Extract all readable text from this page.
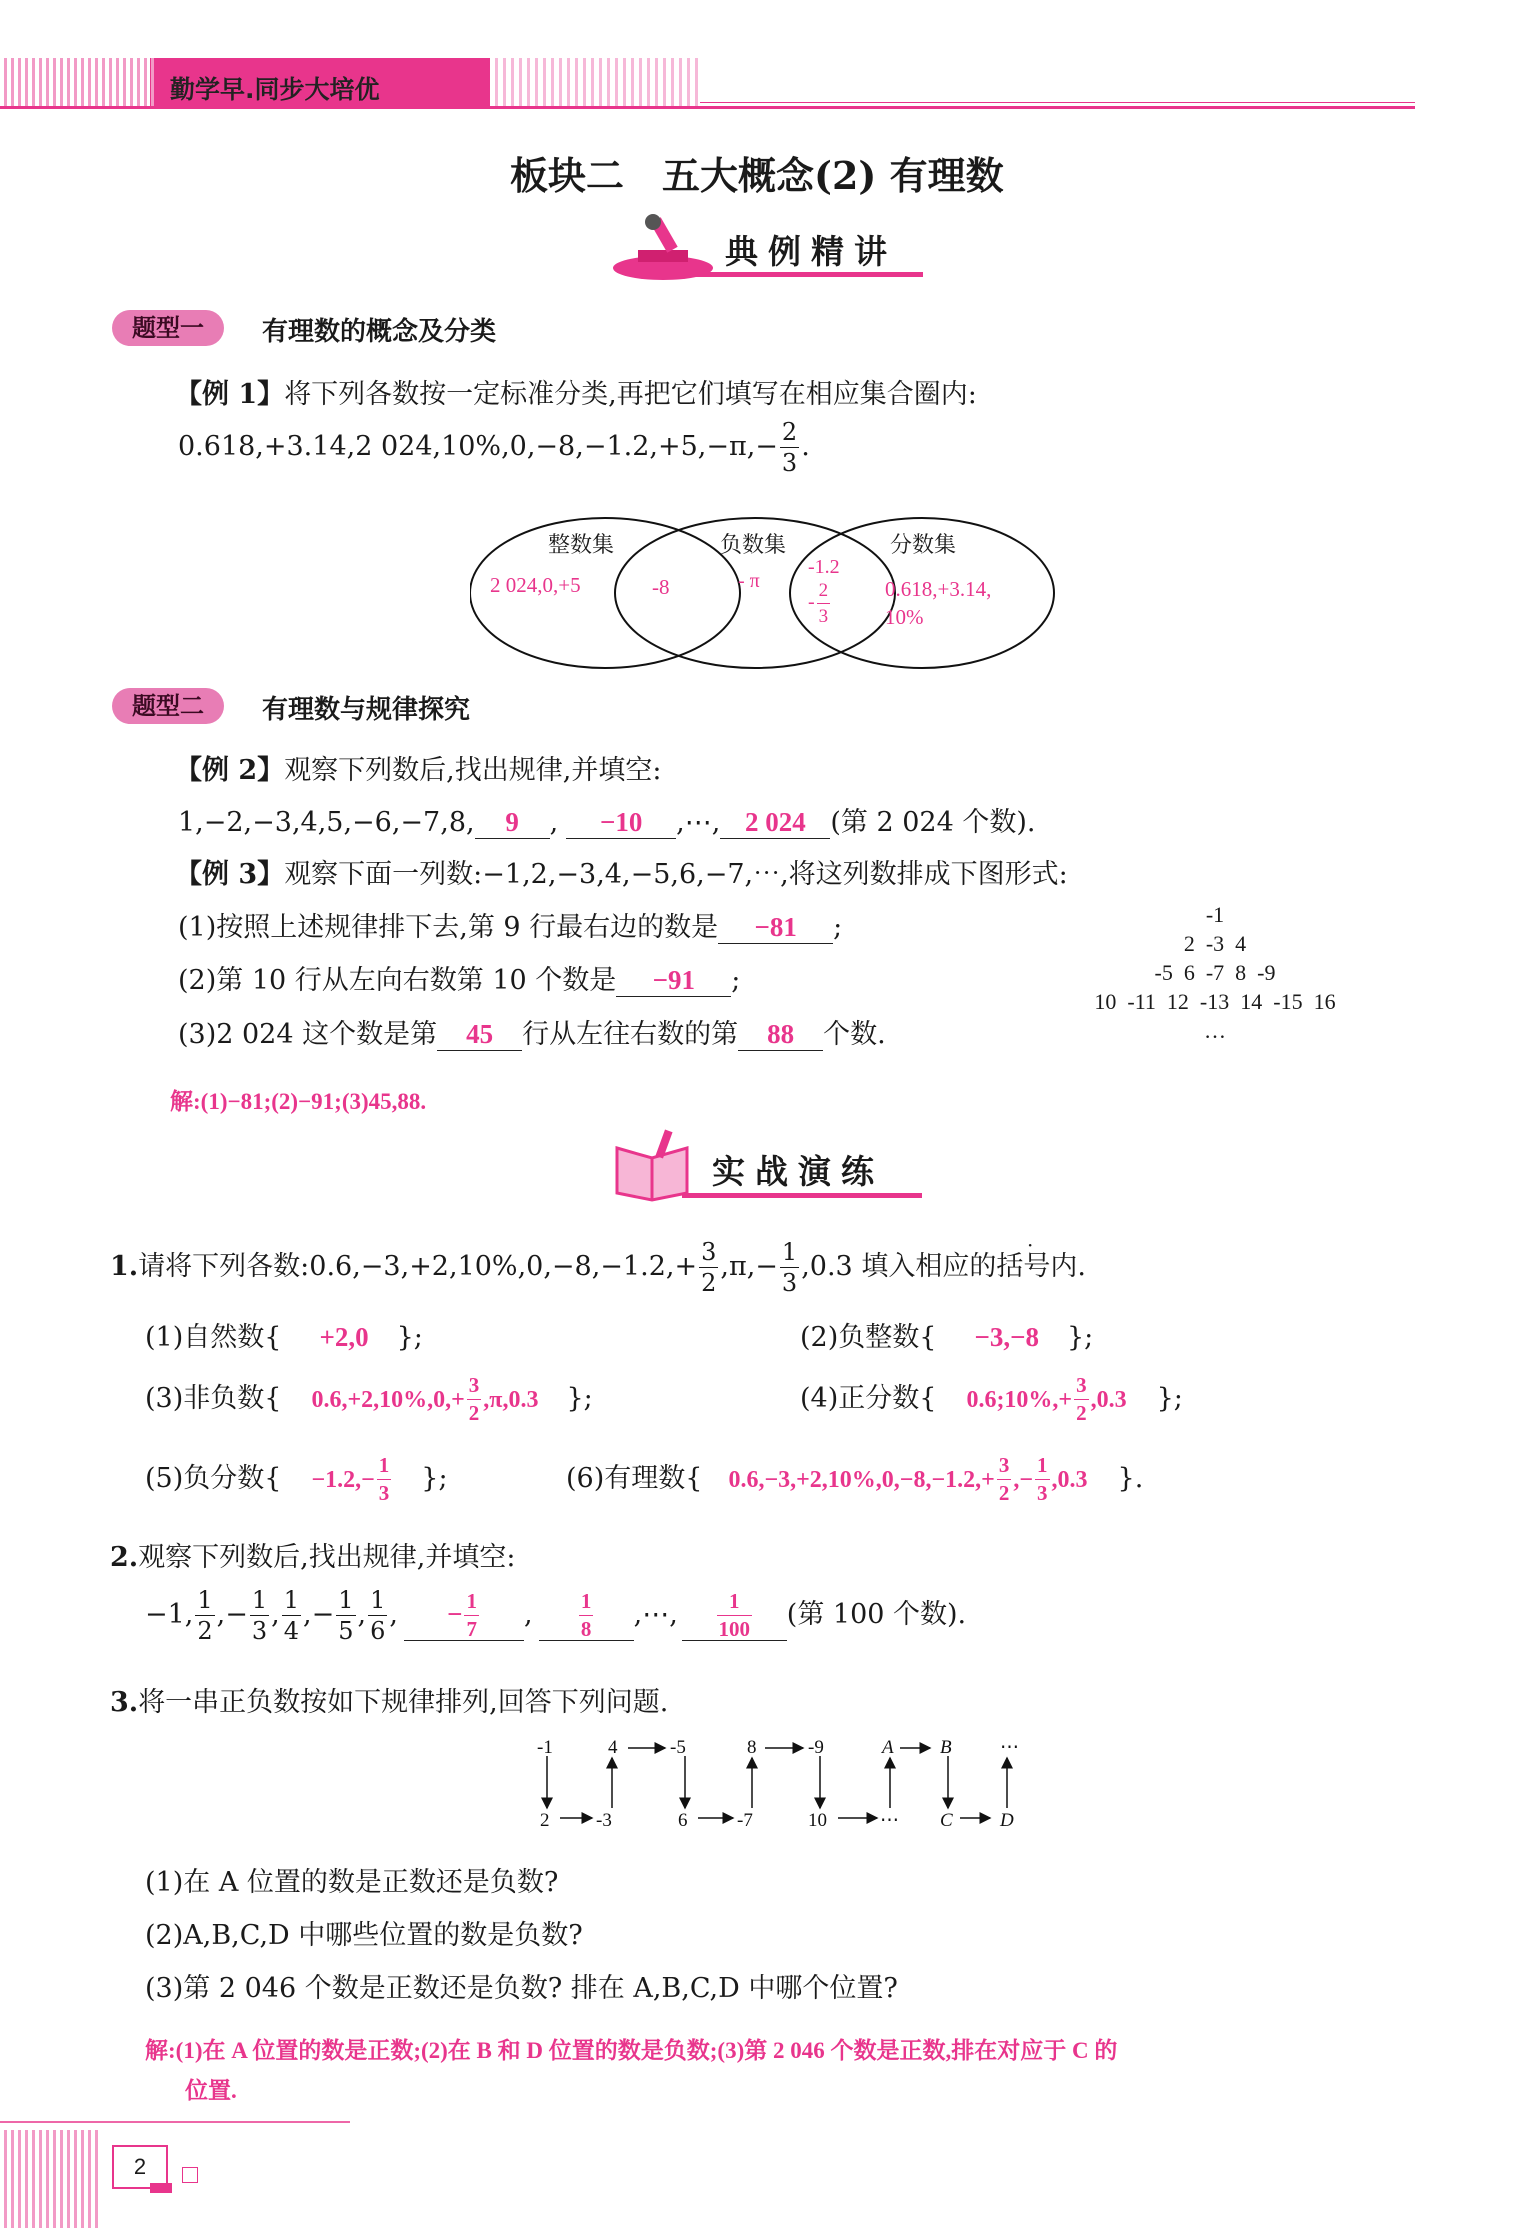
勤学早.同步大培优
板块二　五大概念(2) 有理数
典例精讲
题型一	有理数的概念及分类
【例 1】将下列各数按一定标准分类,再把它们填写在相应集合圈内:
0.618,+3.14,2 $024,10\%,0,-8,-1.2,+5,-\pi,- \frac{2}{3}$ .
整数集	负数集	分数集
2 024,0,+5	-8	- π
-1.2
- $\frac{2}{3}$	0.618,+3.14,
10%
题型二	有理数与规律探究
【例 2】观察下列数后,找出规律,并填空:
1,−2,−3,4,5,−6,−7,8, 9 , −10 ,⋯, 2 024 (第 2 024 个数).
【例 3】观察下面一列数:−1,2,−3,4,−5,6,−7,⋯,将这列数排成下图形式:
(1)按照上述规律排下去,第 9 行最右边的数是 −81 ;
(2)第 10 行从左向右数第 10 个数是 −91 ;
(3)2 024 这个数是第 45 行从左往右数的第 88 个数.
-1
2  -3  4
-5  6  -7  8  -9
10  -11  12  -13  14  -15  16
…
解:(1)−81;(2)−91;(3)45,88.
实战演练
1.请将下列各数:0.6,−3,+2,10%,0,−8,−1.2,+ $\frac{3}{2} ,\pi,- \frac{1}{3} ,0.3$ 填入相应的括号内.
·
(1)自然数{ +2,0 };	(2)负整数{ −3,−8 };
(3)非负数{ $0.6,+2,10\%,0,+ \frac{3}{2} ,\pi,0.3$ };	(4)正分数{ 0.6;10%,+ $\frac{3}{2} ,0.3$ };
(5)负分数{ $-1.2,- \frac{1}{3}$ };	(6)有理数{ $0.6,-3,+2,10\%,0,-8,-1.2,+ \frac{3}{2}$ ,− $\frac{1}{3} ,0.3$ }.
2.观察下列数后,找出规律,并填空:
−1, $\frac{1}{2}$ ,− $\frac{1}{3}$ , $\frac{1}{4}$ ,− $\frac{1}{5}$ , $\frac{1}{6}$ , − $\frac{1}{7}$ , $\frac{1}{8}$ ,⋯, $\frac{1}{100}$ (第 100 个数).
3.将一串正负数按如下规律排列,回答下列问题.
-1
2 -3
4	-5
6	-7
8	-9
10	⋯
A B
C D
⋯
(1)在 A 位置的数是正数还是负数?
(2)A,B,C,D 中哪些位置的数是负数?
(3)第 2 046 个数是正数还是负数? 排在 A,B,C,D 中哪个位置?
解:(1)在 A 位置的数是正数;(2)在 B 和 D 位置的数是负数;(3)第 2 046 个数是正数,排在对应于 C 的
位置.
2
